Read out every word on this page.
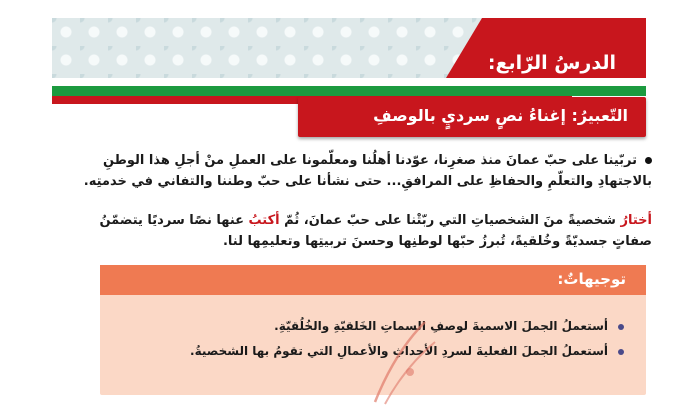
الدرسُ الرّابع:
التّعبيرُ: إغناءُ نصٍ سرديٍ بالوصفِ
تربّينا على حبّ عمانَ منذ صغرِنا، عوّدنا أهلُنا ومعلّمونا على العملِ منْ أجلِ هذا الوطنِ
بالاجتهادِ والتعلّمِ والحفاظِ على المرافقِ... حتى نشأنا على حبّ وطننا والتفاني في خدمتِه.
أختارُ شخصيةً منَ الشخصياتِ التي ربّتْنا على حبّ عمانَ، ثُمّ أكتبُ عنها نصًا سرديًا يتضمّنُ
صفاتٍ جسديّةً وخُلقيةً، تُبرزُ حبّها لوطنِها وحسنَ تربيتِها وتعليمِها لنا.
توجيهاتٌ:
أستعملُ الجملَ الاسميةَ لوصفِ السماتِ الخَلقيّةِ والخُلُقيّةِ.
أستعملُ الجملَ الفعليةَ لسردِ الأحداثِ والأعمالِ التي تقومُ بها الشخصيةُ.
